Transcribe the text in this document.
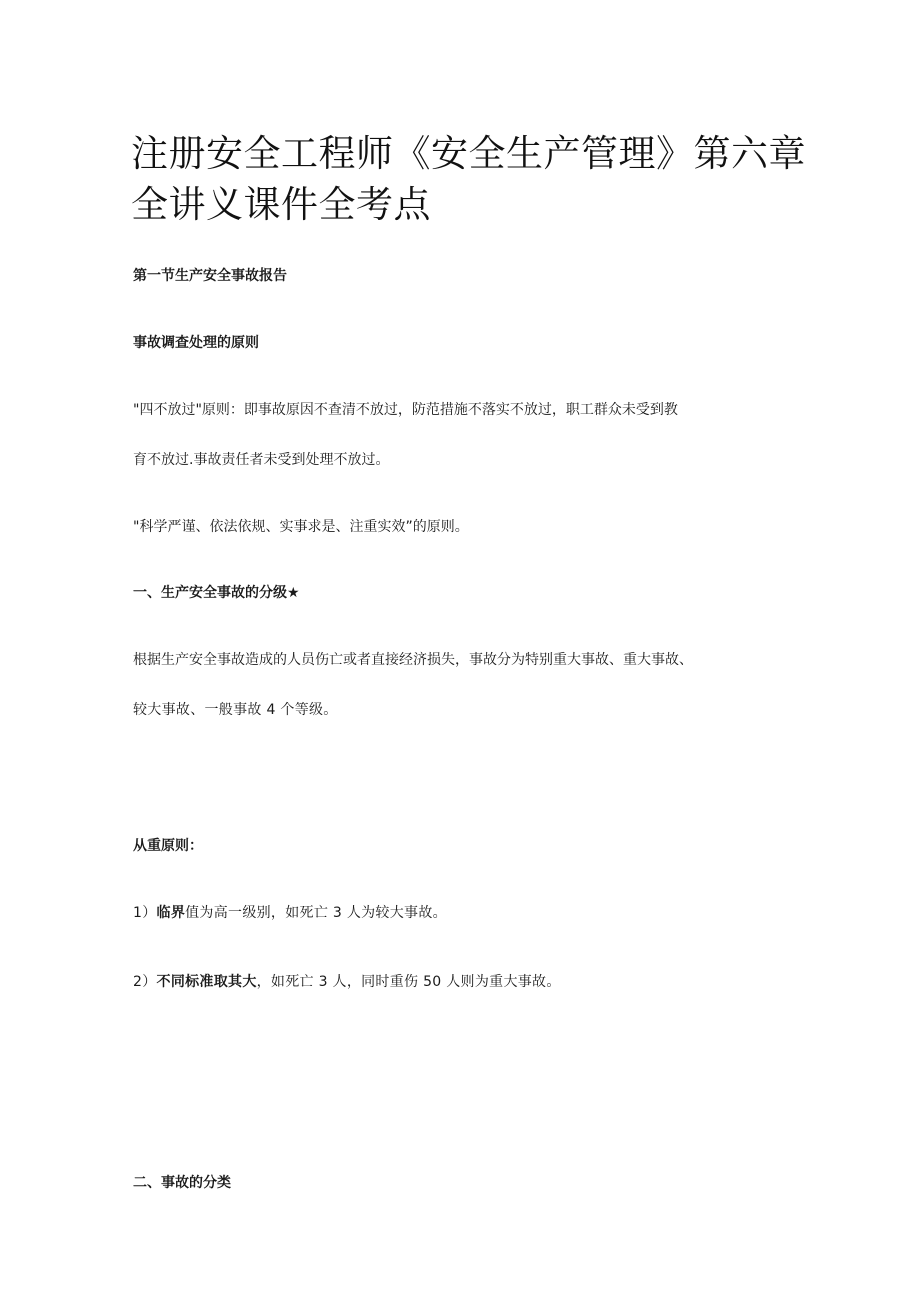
注册安全工程师《安全生产管理》第六章全讲义课件全考点

第一节生产安全事故报告

事故调查处理的原则

"四不放过"原则：即事故原因不查清不放过，防范措施不落实不放过，职工群众未受到教

育不放过.事故责任者未受到处理不放过。

"科学严谨、依法依规、实事求是、注重实效”的原则。

一、生产安全事故的分级★

根据生产安全事故造成的人员伤亡或者直接经济损失，事故分为特别重大事故、重大事故、

较大事故、一般事故 4 个等级。

从重原则：

1）临界值为高一级别，如死亡 3 人为较大事故。

2）不同标准取其大，如死亡 3 人，同时重伤 50 人则为重大事故。

二、事故的分类
